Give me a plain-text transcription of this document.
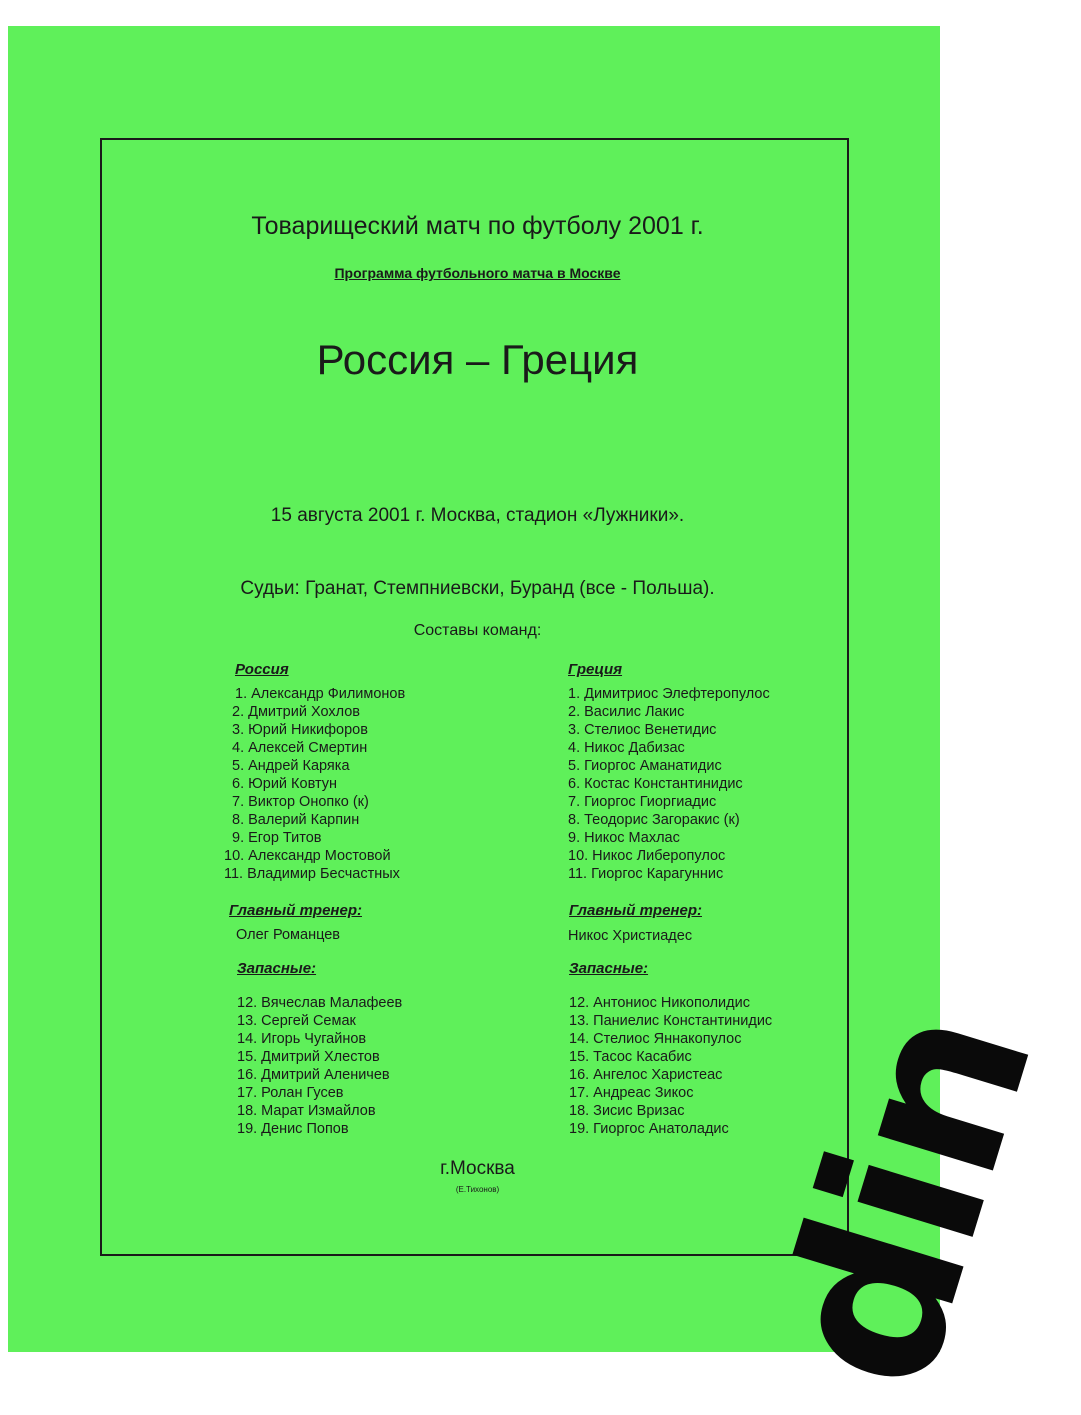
Товарищеский матч по футболу 2001 г.
Программа футбольного матча в Москве
Россия – Греция
15 августа 2001 г. Москва, стадион «Лужники».
Судьи: Гранат, Стемпниевски, Буранд (все - Польша).
Составы команд:
Россия
1. Александр Филимонов
2. Дмитрий Хохлов
3. Юрий Никифоров
4. Алексей Смертин
5. Андрей Каряка
6. Юрий Ковтун
7. Виктор Онопко (к)
8. Валерий Карпин
9. Егор Титов
10. Александр Мостовой
11. Владимир Бесчастных
Главный тренер:
Олег Романцев
Запасные:
12. Вячеслав Малафеев
13. Сергей Семак
14. Игорь Чугайнов
15. Дмитрий Хлестов
16. Дмитрий Аленичев
17. Ролан Гусев
18. Марат Измайлов
19. Денис Попов
Греция
1. Димитриос Элефтеропулос
2. Василис Лакис
3. Стелиос Венетидис
4. Никос Дабизас
5. Гиоргос Аманатидис
6. Костас Константинидис
7. Гиоргос Гиоргиадис
8. Теодорис Загоракис (к)
9. Никос Махлас
10. Никос Либеропулос
11. Гиоргос Карагуннис
Главный тренер:
Никос Христиадес
Запасные:
12. Антониос Никополидис
13. Паниелис Константинидис
14. Стелиос Яннакопулос
15. Тасос Касабис
16. Ангелос Харистеас
17. Андреас Зикос
18. Зисис Вризас
19. Гиоргос Анатоладис
г.Москва
(Е.Тихонов)	din
